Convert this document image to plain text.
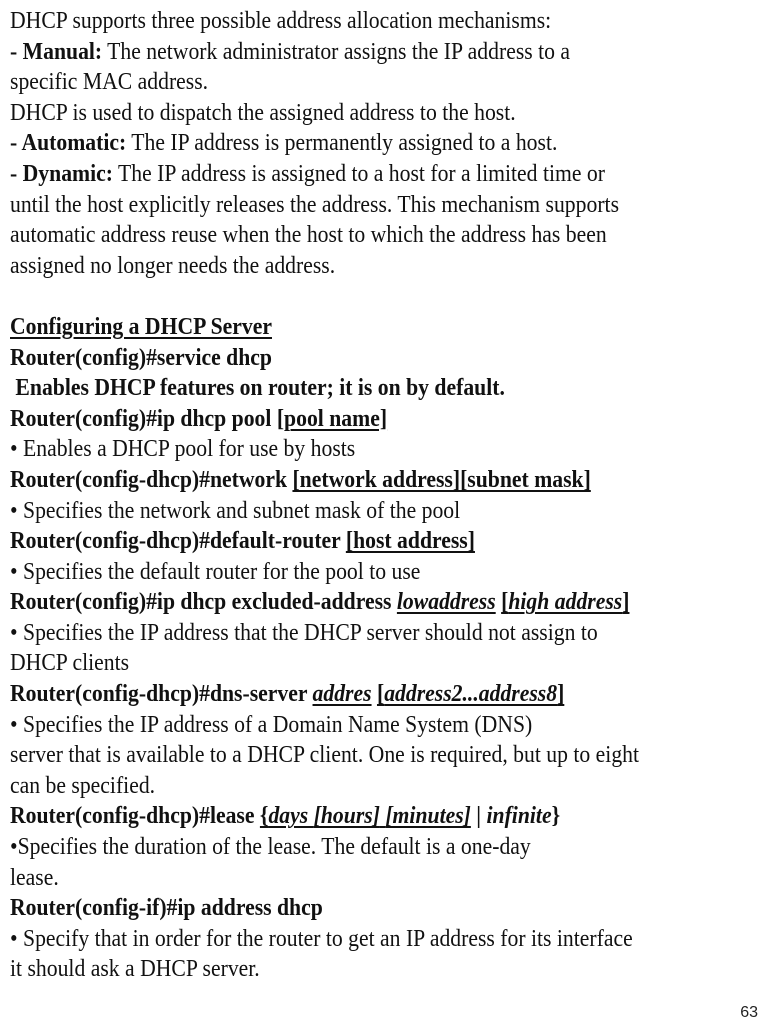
DHCP supports three possible address allocation mechanisms:
- Manual: The network administrator assigns the IP address to a
specific MAC address.
DHCP is used to dispatch the assigned address to the host.
- Automatic: The IP address is permanently assigned to a host.
- Dynamic: The IP address is assigned to a host for a limited time or
until the host explicitly releases the address. This mechanism supports
automatic address reuse when the host to which the address has been
assigned no longer needs the address.
Configuring a DHCP Server
Router(config)#service dhcp
Enables DHCP features on router; it is on by default.
Router(config)#ip dhcp pool [pool name]
• Enables a DHCP pool for use by hosts
Router(config-dhcp)#network [network address][subnet mask]
• Specifies the network and subnet mask of the pool
Router(config-dhcp)#default-router [host address]
• Specifies the default router for the pool to use
Router(config)#ip dhcp excluded-address lowaddress [high address]
• Specifies the IP address that the DHCP server should not assign to
DHCP clients
Router(config-dhcp)#dns-server addres [address2...address8]
• Specifies the IP address of a Domain Name System (DNS)
server that is available to a DHCP client. One is required, but up to eight
can be specified.
Router(config-dhcp)#lease {days [hours] [minutes] | infinite}
•Specifies the duration of the lease. The default is a one-day
lease.
Router(config-if)#ip address dhcp
• Specify that in order for the router to get an IP address for its interface
it should ask a DHCP server.
63
